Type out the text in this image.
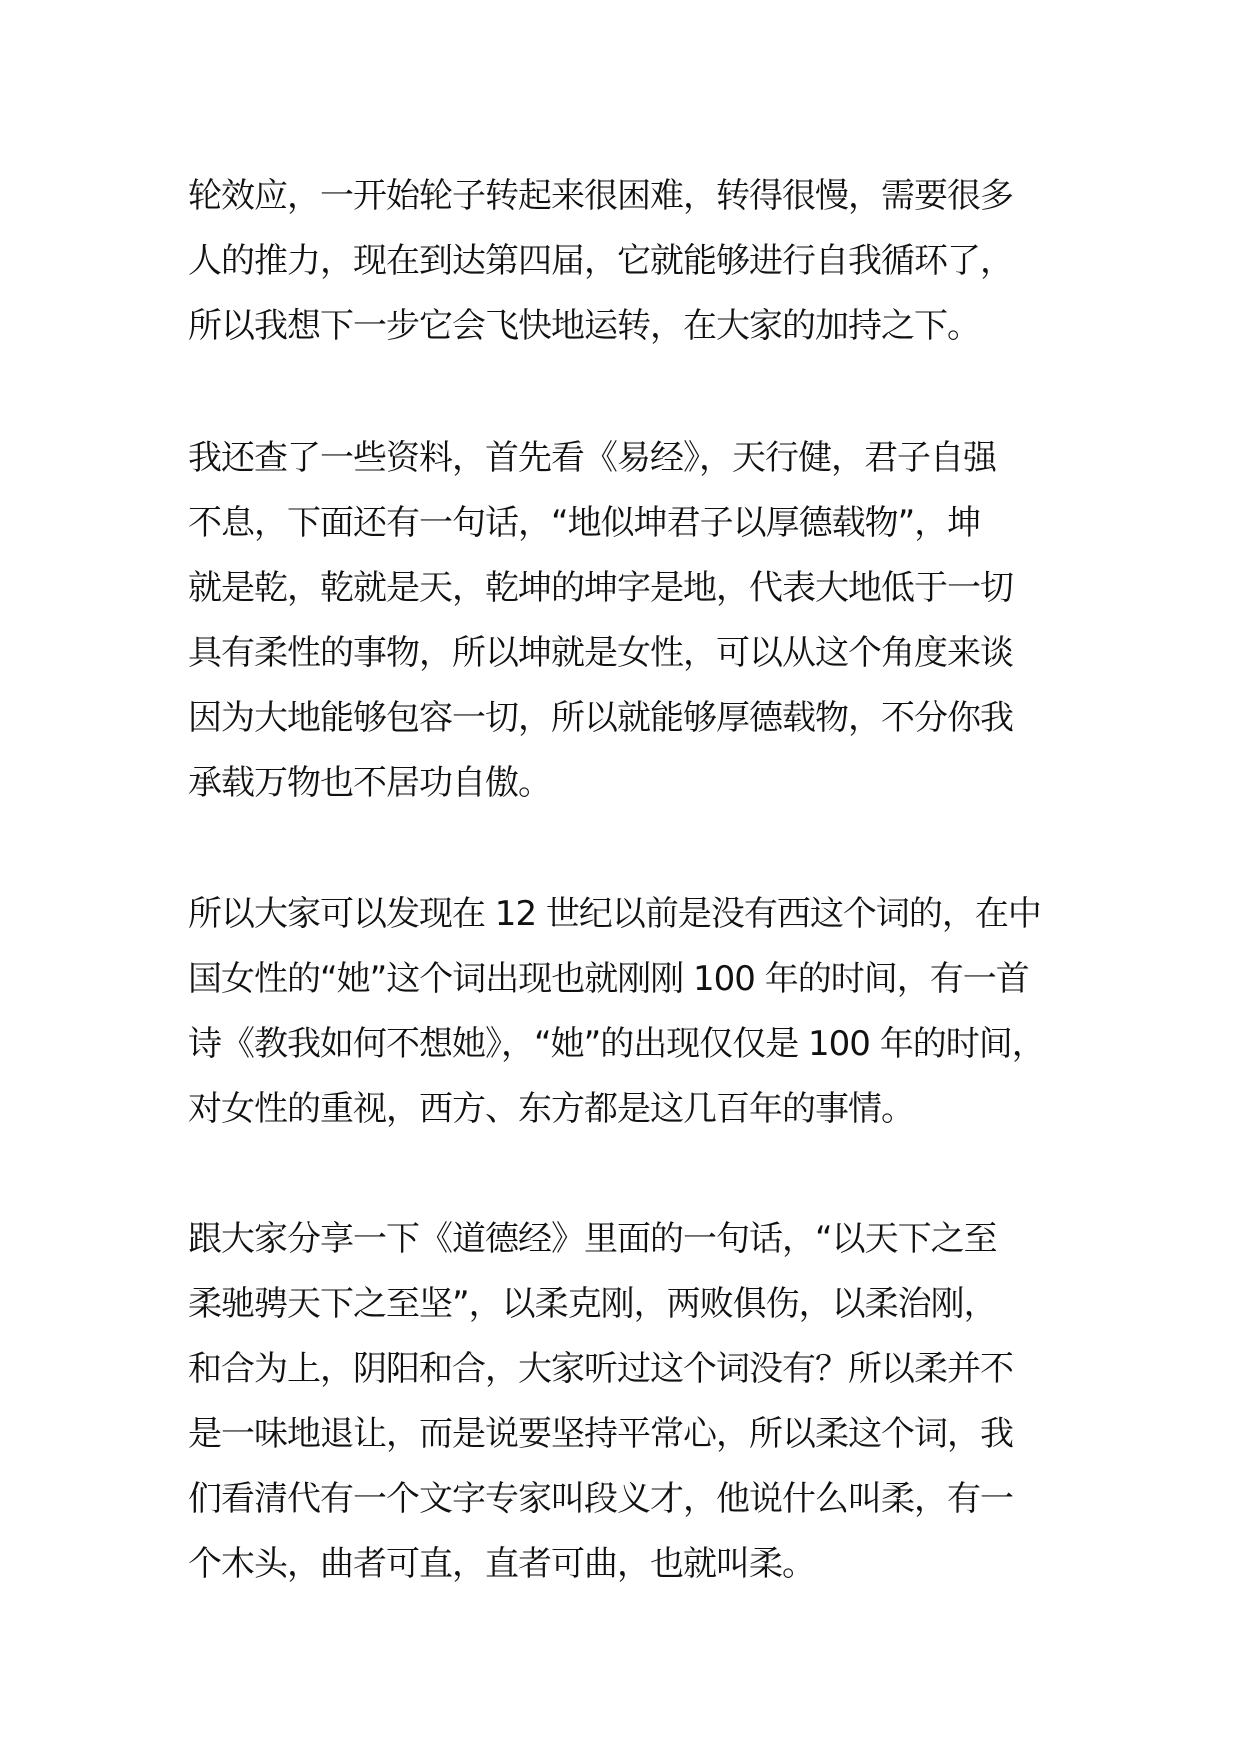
轮效应，一开始轮子转起来很困难，转得很慢，需要很多
人的推力，现在到达第四届，它就能够进行自我循环了，
所以我想下一步它会飞快地运转，在大家的加持之下。
我还查了一些资料，首先看《易经》，天行健，君子自强
不息，下面还有一句话，“地似坤君子以厚德载物”，坤
就是乾，乾就是天，乾坤的坤字是地，代表大地低于一切
具有柔性的事物，所以坤就是女性，可以从这个角度来谈
因为大地能够包容一切，所以就能够厚德载物，不分你我
承载万物也不居功自傲。
所以大家可以发现在 12 世纪以前是没有西这个词的，在中
国女性的“她”这个词出现也就刚刚 100 年的时间，有一首
诗《教我如何不想她》，“她”的出现仅仅是 100 年的时间，
对女性的重视，西方、东方都是这几百年的事情。
跟大家分享一下《道德经》里面的一句话，“以天下之至
柔驰骋天下之至坚”，以柔克刚，两败俱伤，以柔治刚，
和合为上，阴阳和合，大家听过这个词没有？所以柔并不
是一味地退让，而是说要坚持平常心，所以柔这个词，我
们看清代有一个文字专家叫段义才，他说什么叫柔，有一
个木头，曲者可直，直者可曲，也就叫柔。
